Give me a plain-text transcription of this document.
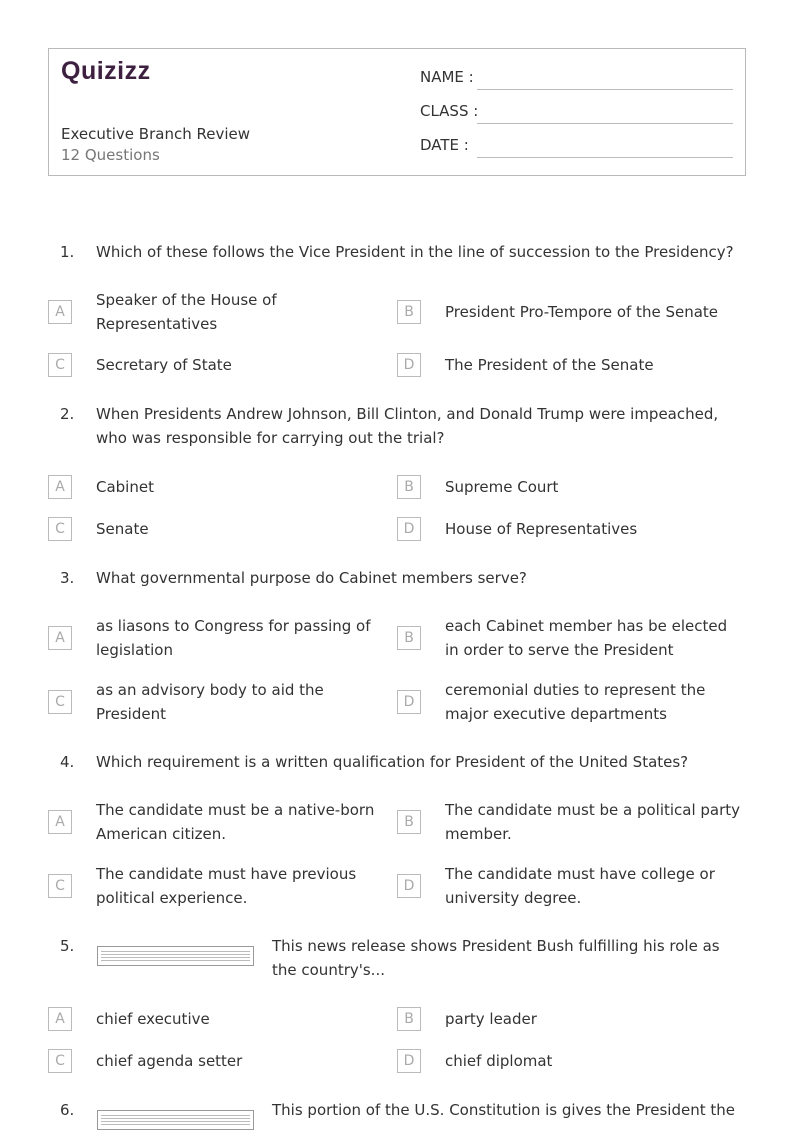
Quizizz
Executive Branch Review
12 Questions
NAME :
CLASS :
DATE :
1. Which of these follows the Vice President in the line of succession to the Presidency?
A
Speaker of the House of Representatives
B	President Pro-Tempore of the Senate
C	Secretary of State	D	The President of the Senate
2. When Presidents Andrew Johnson, Bill Clinton, and Donald Trump were impeached, who was responsible for carrying out the trial?
A	Cabinet	B	Supreme Court
C	Senate	D	House of Representatives
3. What governmental purpose do Cabinet members serve?
A
as liasons to Congress for passing of legislation
B
each Cabinet member has be elected in order to serve the President
C
as an advisory body to aid the President
D
ceremonial duties to represent the major executive departments
4. Which requirement is a written qualification for President of the United States?
A
The candidate must be a native-born American citizen.
B
The candidate must be a political party member.
C
The candidate must have previous political experience.
D
The candidate must have college or university degree.
5.	This news release shows President Bush fulfilling his role as the country's...
A	chief executive	B	party leader
C	chief agenda setter	D	chief diplomat
6.	This portion of the U.S. Constitution is gives the President the
